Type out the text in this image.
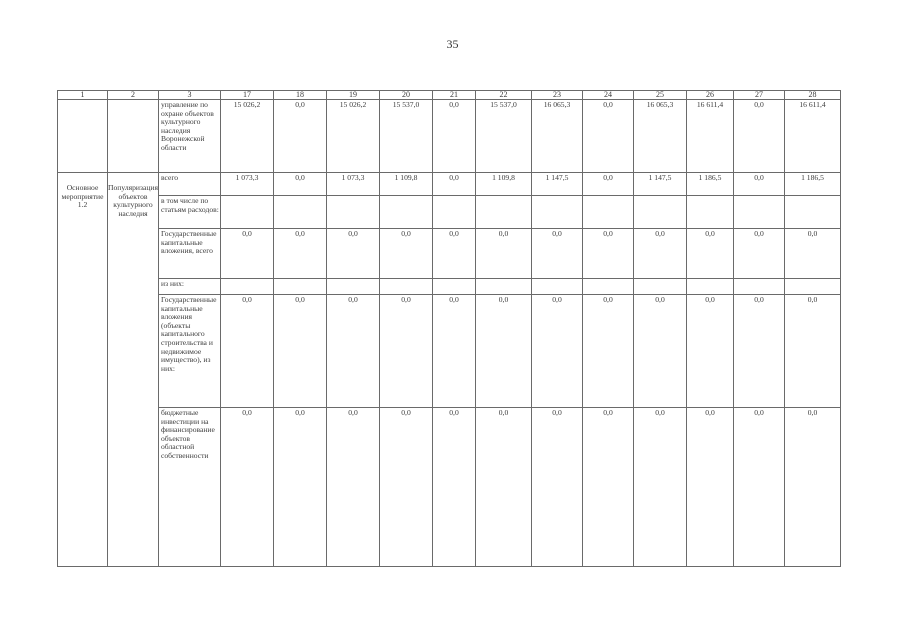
35
1	2	3	17	18	19	20	21	22	23	24	25	26	27	28
		управление по охране объектов культурного наследия Воронежской области	15 026,2	0,0	15 026,2	15 537,0	0,0	15 537,0	16 065,3	0,0	16 065,3	16 611,4	0,0	16 611,4
Основное мероприятие 1.2	Популяризация объектов культурного наследия	всего	1 073,3	0,0	1 073,3	1 109,8	0,0	1 109,8	1 147,5	0,0	1 147,5	1 186,5	0,0	1 186,5
		в том числе по статьям расходов:												
		Государственные капитальные вложения, всего	0,0	0,0	0,0	0,0	0,0	0,0	0,0	0,0	0,0	0,0	0,0	0,0
		из них:												
		Государственные капитальные вложения (объекты капитального строительства и недвижимое имущество), из них:	0,0	0,0	0,0	0,0	0,0	0,0	0,0	0,0	0,0	0,0	0,0	0,0
		бюджетные инвестиции на финансирование объектов областной собственности	0,0	0,0	0,0	0,0	0,0	0,0	0,0	0,0	0,0	0,0	0,0	0,0
